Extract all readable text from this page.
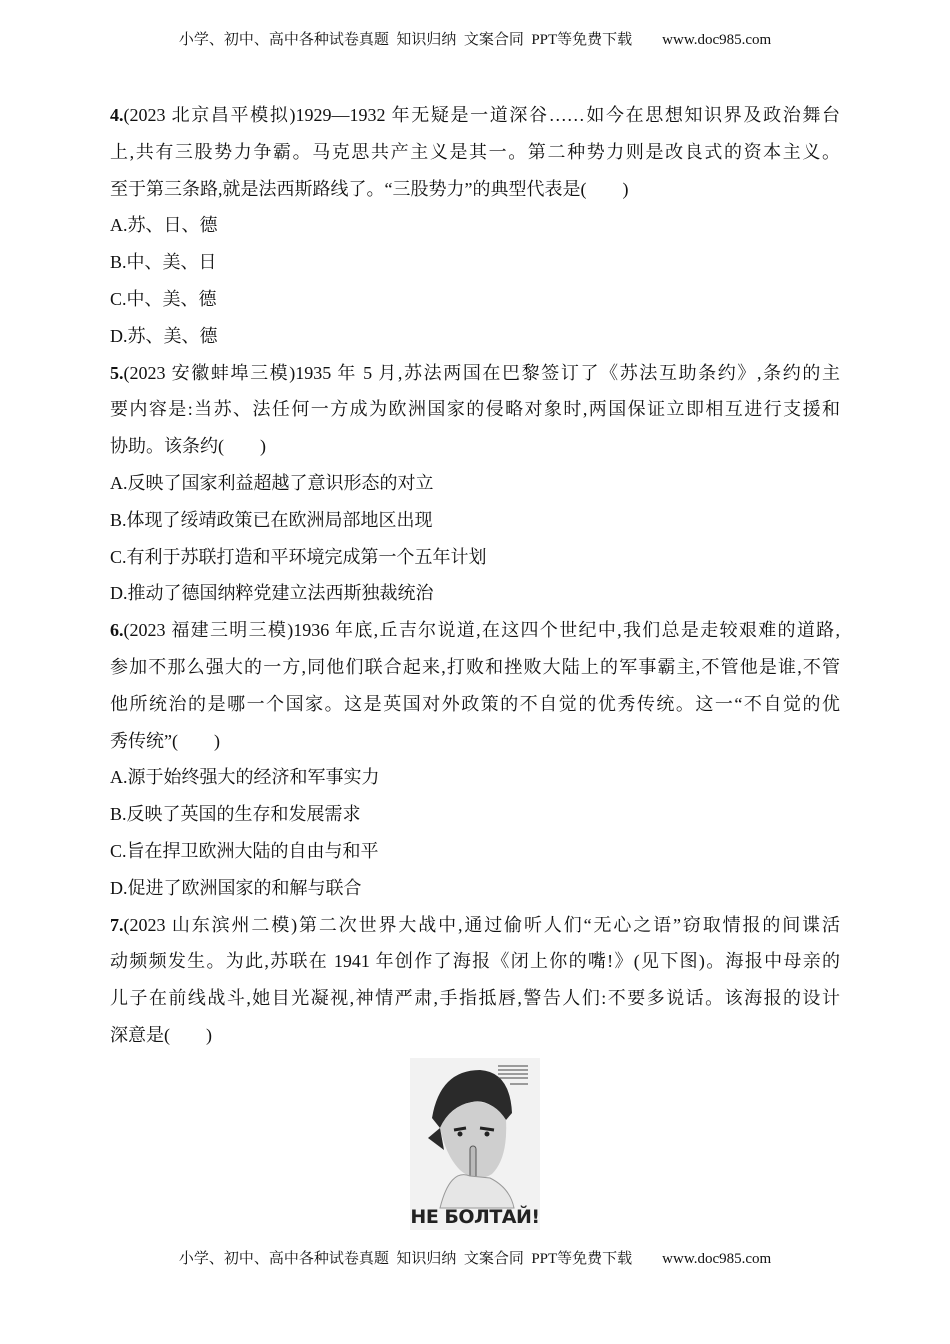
小学、初中、高中各种试卷真题  知识归纳  文案合同  PPT等免费下载 www.doc985.com
4.(2023 北京昌平模拟)1929—1932 年无疑是一道深谷……如今在思想知识界及政治舞台
上,共有三股势力争霸。马克思共产主义是其一。第二种势力则是改良式的资本主义。
至于第三条路,就是法西斯路线了。“三股势力”的典型代表是(　　)
A.苏、日、德
B.中、美、日
C.中、美、德
D.苏、美、德
5.(2023 安徽蚌埠三模)1935 年 5 月,苏法两国在巴黎签订了《苏法互助条约》,条约的主
要内容是:当苏、法任何一方成为欧洲国家的侵略对象时,两国保证立即相互进行支援和
协助。该条约(　　)
A.反映了国家利益超越了意识形态的对立
B.体现了绥靖政策已在欧洲局部地区出现
C.有利于苏联打造和平环境完成第一个五年计划
D.推动了德国纳粹党建立法西斯独裁统治
6.(2023 福建三明三模)1936 年底,丘吉尔说道,在这四个世纪中,我们总是走较艰难的道路,
参加不那么强大的一方,同他们联合起来,打败和挫败大陆上的军事霸主,不管他是谁,不管
他所统治的是哪一个国家。这是英国对外政策的不自觉的优秀传统。这一“不自觉的优
秀传统”(　　)
A.源于始终强大的经济和军事实力
B.反映了英国的生存和发展需求
C.旨在捍卫欧洲大陆的自由与和平
D.促进了欧洲国家的和解与联合
7.(2023 山东滨州二模)第二次世界大战中,通过偷听人们“无心之语”窃取情报的间谍活
动频频发生。为此,苏联在 1941 年创作了海报《闭上你的嘴!》(见下图)。海报中母亲的
儿子在前线战斗,她目光凝视,神情严肃,手指抵唇,警告人们:不要多说话。该海报的设计
深意是(　　)
НЕ БОЛТАЙ!
小学、初中、高中各种试卷真题  知识归纳  文案合同  PPT等免费下载 www.doc985.com
